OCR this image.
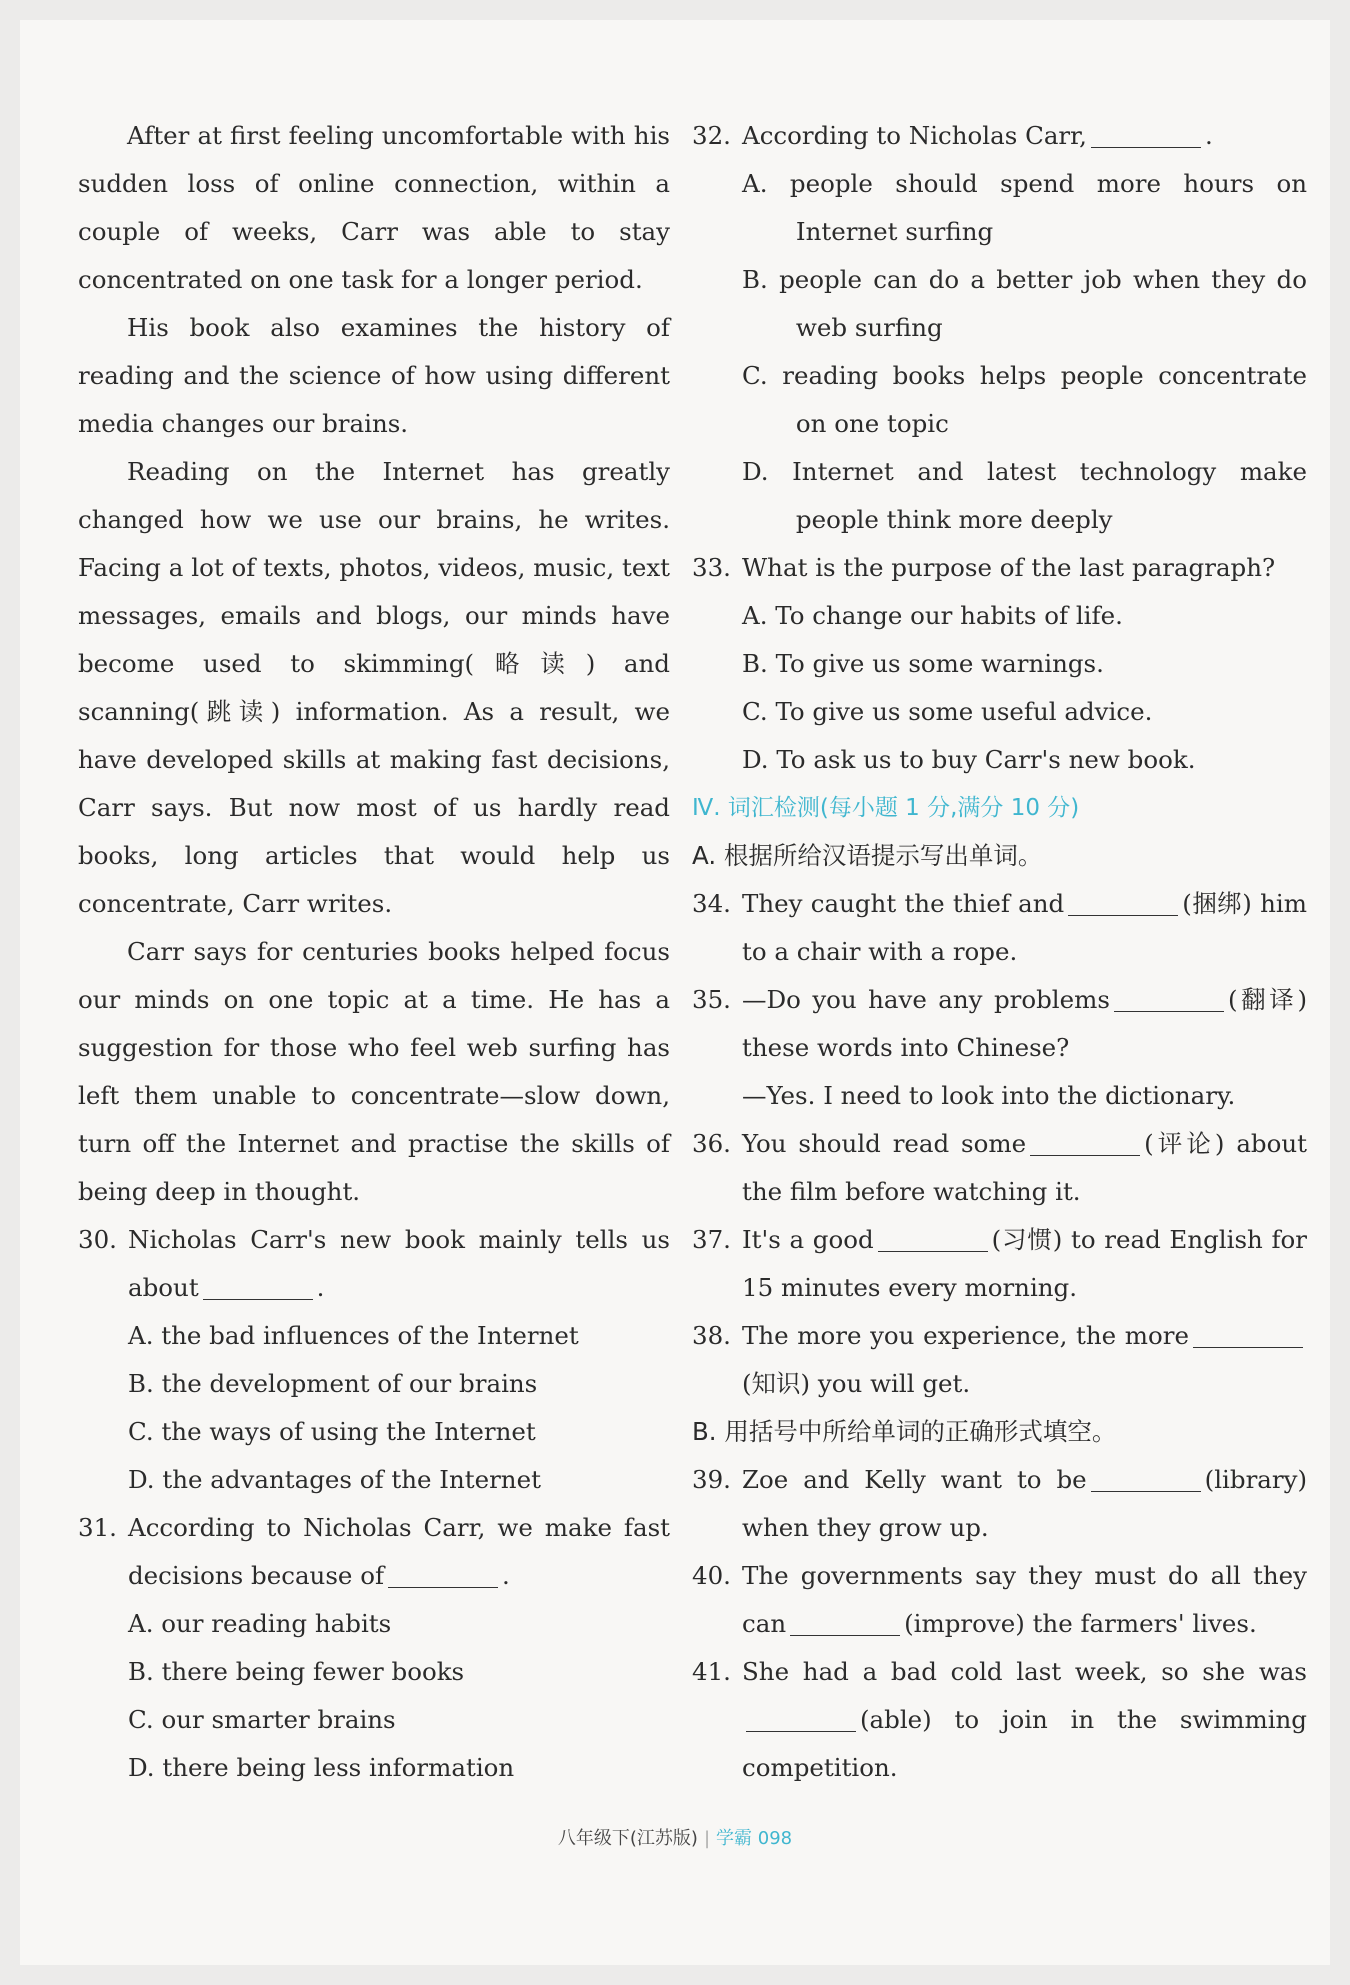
After at first feeling uncomfortable with his sudden loss of online connection, within a couple of weeks, Carr was able to stay concentrated on one task for a longer period.

His book also examines the history of reading and the science of how using different media changes our brains.

Reading on the Internet has greatly changed how we use our brains, he writes. Facing a lot of texts, photos, videos, music, text messages, emails and blogs, our minds have become used to skimming(略读) and scanning(跳读) information. As a result, we have developed skills at making fast decisions, Carr says. But now most of us hardly read books, long articles that would help us concentrate, Carr writes.

Carr says for centuries books helped focus our minds on one topic at a time. He has a suggestion for those who feel web surfing has left them unable to concentrate—slow down, turn off the Internet and practise the skills of being deep in thought.

30. Nicholas Carr's new book mainly tells us about	.

A. the bad influences of the Internet

B. the development of our brains

C. the ways of using the Internet

D. the advantages of the Internet

31. According to Nicholas Carr, we make fast decisions because of	.

A. our reading habits

B. there being fewer books

C. our smarter brains

D. there being less information

32. According to Nicholas Carr,	.

A. people should spend more hours on Internet surfing

B. people can do a better job when they do web surfing

C. reading books helps people concentrate on one topic

D. Internet and latest technology make people think more deeply

33. What is the purpose of the last paragraph?

A. To change our habits of life.

B. To give us some warnings.

C. To give us some useful advice.

D. To ask us to buy Carr's new book.

Ⅳ. 词汇检测(每小题 1 分,满分 10 分)

A. 根据所给汉语提示写出单词。

34. They caught the thief and	(捆绑) him to a chair with a rope.

35. —Do you have any problems	(翻译) these words into Chinese?

—Yes. I need to look into the dictionary.

36. You should read some	(评论) about the film before watching it.

37. It's a good	(习惯) to read English for 15 minutes every morning.

38. The more you experience, the more(知识) you will get.

B. 用括号中所给单词的正确形式填空。

39. Zoe and Kelly want to be	(library) when they grow up.

40. The governments say they must do all they can	(improve) the farmers' lives.

41. She had a bad cold last week, so she was(able) to join in the swimming competition.

八年级下(江苏版) | 学霸 098
